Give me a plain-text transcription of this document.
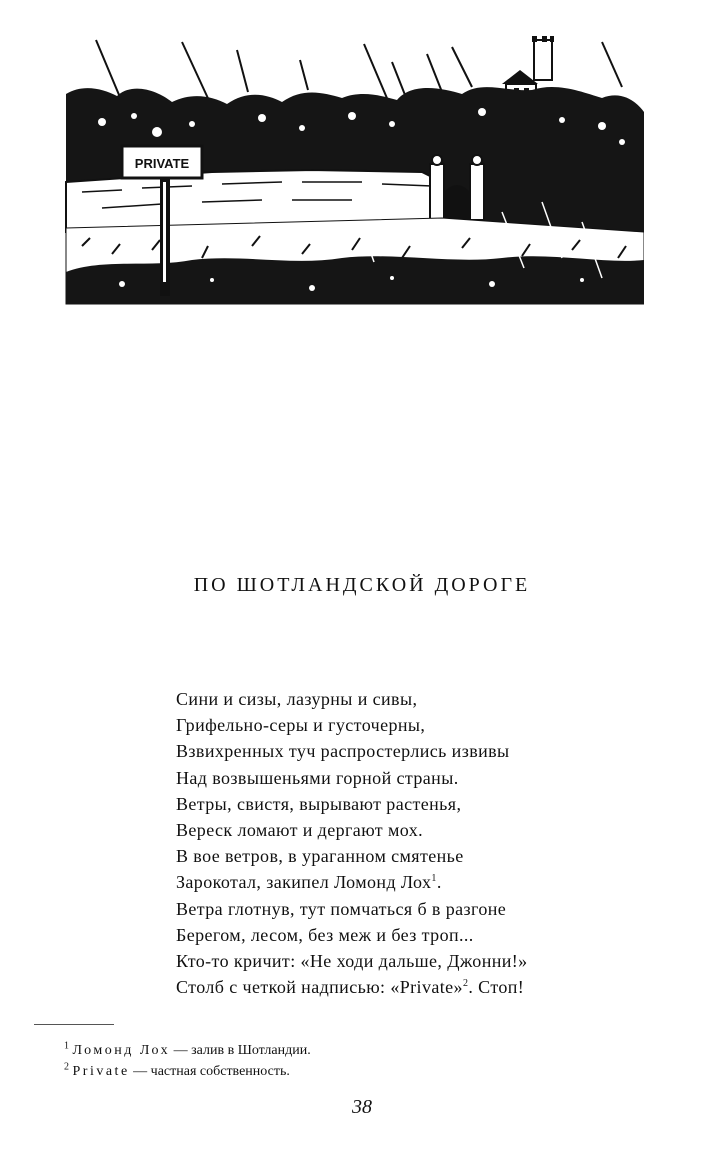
PRIVATE
ПО ШОТЛАНДСКОЙ ДОРОГЕ
Сини и сизы, лазурны и сивы,
Грифельно-серы и густочерны,
Взвихренных туч распростерлись извивы
Над возвышеньями горной страны.
Ветры, свистя, вырывают растенья,
Вереск ломают и дергают мох.
В вое ветров, в ураганном смятенье
Зарокотал, закипел Ломонд Лох$^1$.
Ветра глотнув, тут помчаться б в разгоне
Берегом, лесом, без меж и без троп...
Кто-то кричит: «Не ходи дальше, Джонни!»
Столб с четкой надписью: «Private»$^2$. Стоп!
$^1$ Ломонд Лох — залив в Шотландии.
$^2$ Private — частная собственность.
38
